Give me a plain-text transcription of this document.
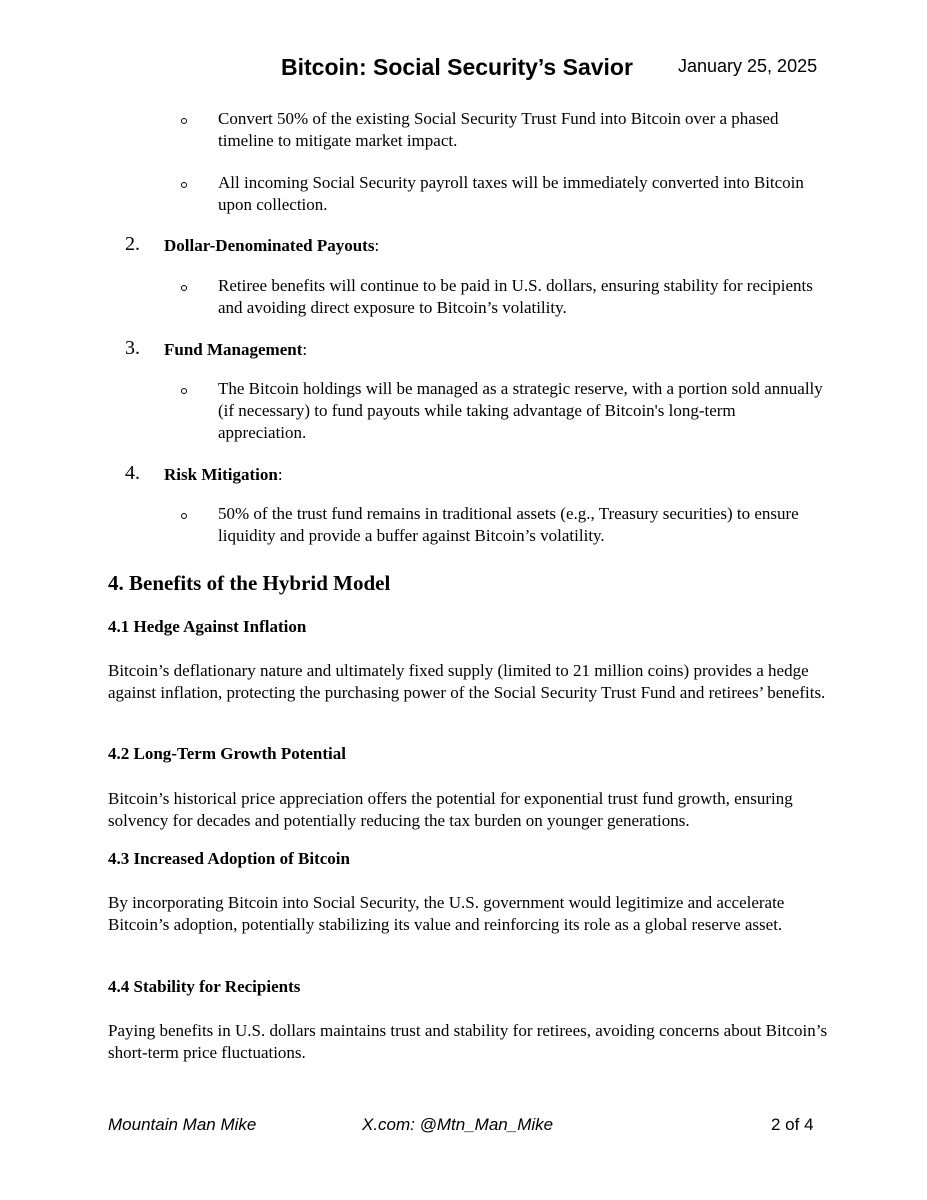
Bitcoin: Social Security’s Savior	January 25, 2025
Convert 50% of the existing Social Security Trust Fund into Bitcoin over a phased timeline to mitigate market impact.
All incoming Social Security payroll taxes will be immediately converted into Bitcoin upon collection.
2. Dollar-Denominated Payouts:
Retiree benefits will continue to be paid in U.S. dollars, ensuring stability for recipients and avoiding direct exposure to Bitcoin’s volatility.
3. Fund Management:
The Bitcoin holdings will be managed as a strategic reserve, with a portion sold annually (if necessary) to fund payouts while taking advantage of Bitcoin's long-term appreciation.
4. Risk Mitigation:
50% of the trust fund remains in traditional assets (e.g., Treasury securities) to ensure liquidity and provide a buffer against Bitcoin’s volatility.
4. Benefits of the Hybrid Model
4.1 Hedge Against Inflation
Bitcoin’s deflationary nature and ultimately fixed supply (limited to 21 million coins) provides a hedge against inflation, protecting the purchasing power of the Social Security Trust Fund and retirees’ benefits.
4.2 Long-Term Growth Potential
Bitcoin’s historical price appreciation offers the potential for exponential trust fund growth, ensuring solvency for decades and potentially reducing the tax burden on younger generations.
4.3 Increased Adoption of Bitcoin
By incorporating Bitcoin into Social Security, the U.S. government would legitimize and accelerate Bitcoin’s adoption, potentially stabilizing its value and reinforcing its role as a global reserve asset.
4.4 Stability for Recipients
Paying benefits in U.S. dollars maintains trust and stability for retirees, avoiding concerns about Bitcoin’s short-term price fluctuations.
Mountain Man Mike	X.com: @Mtn_Man_Mike	2 of 4
